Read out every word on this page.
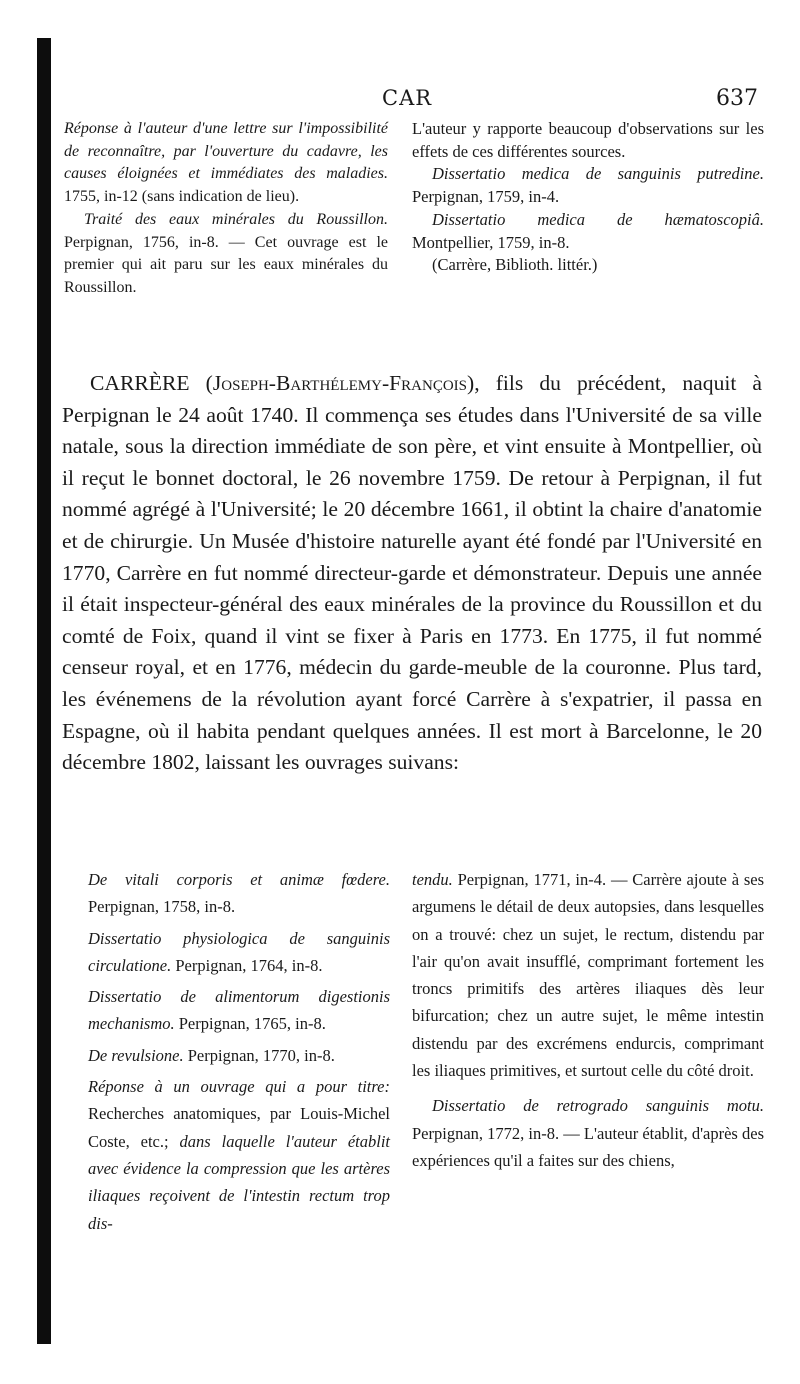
CAR	637

Réponse à l'auteur d'une lettre sur l'impossibilité de reconnaître, par l'ouverture du cadavre, les causes éloignées et immédiates des maladies. 1755, in-12 (sans indication de lieu).

Traité des eaux minérales du Roussillon. Perpignan, 1756, in-8. — Cet ouvrage est le premier qui ait paru sur les eaux minérales du Roussillon.

L'auteur y rapporte beaucoup d'observations sur les effets de ces différentes sources.

Dissertatio medica de sanguinis putredine. Perpignan, 1759, in-4.

Dissertatio medica de hæmatoscopiâ. Montpellier, 1759, in-8.

(Carrère, Biblioth. littér.)

CARRÈRE (Joseph-Barthélemy-François), fils du précédent, naquit à Perpignan le 24 août 1740. Il commença ses études dans l'Université de sa ville natale, sous la direction immédiate de son père, et vint ensuite à Montpellier, où il reçut le bonnet doctoral, le 26 novembre 1759. De retour à Perpignan, il fut nommé agrégé à l'Université; le 20 décembre 1661, il obtint la chaire d'anatomie et de chirurgie. Un Musée d'histoire naturelle ayant été fondé par l'Université en 1770, Carrère en fut nommé directeur-garde et démonstrateur. Depuis une année il était inspecteur-général des eaux minérales de la province du Roussillon et du comté de Foix, quand il vint se fixer à Paris en 1773. En 1775, il fut nommé censeur royal, et en 1776, médecin du garde-meuble de la couronne. Plus tard, les événemens de la révolution ayant forcé Carrère à s'expatrier, il passa en Espagne, où il habita pendant quelques années. Il est mort à Barcelonne, le 20 décembre 1802, laissant les ouvrages suivans:

De vitali corporis et animæ fœdere. Perpignan, 1758, in-8.

Dissertatio physiologica de sanguinis circulatione. Perpignan, 1764, in-8.

Dissertatio de alimentorum digestionis mechanismo. Perpignan, 1765, in-8.

De revulsione. Perpignan, 1770, in-8.

Réponse à un ouvrage qui a pour titre: Recherches anatomiques, par Louis-Michel Coste, etc.; dans laquelle l'auteur établit avec évidence la compression que les artères iliaques reçoivent de l'intestin rectum trop dis-

tendu. Perpignan, 1771, in-4. — Carrère ajoute à ses argumens le détail de deux autopsies, dans lesquelles on a trouvé: chez un sujet, le rectum, distendu par l'air qu'on avait insufflé, comprimant fortement les troncs primitifs des artères iliaques dès leur bifurcation; chez un autre sujet, le même intestin distendu par des excrémens endurcis, comprimant les iliaques primitives, et surtout celle du côté droit.

Dissertatio de retrogrado sanguinis motu. Perpignan, 1772, in-8. — L'auteur établit, d'après des expériences qu'il a faites sur des chiens,
